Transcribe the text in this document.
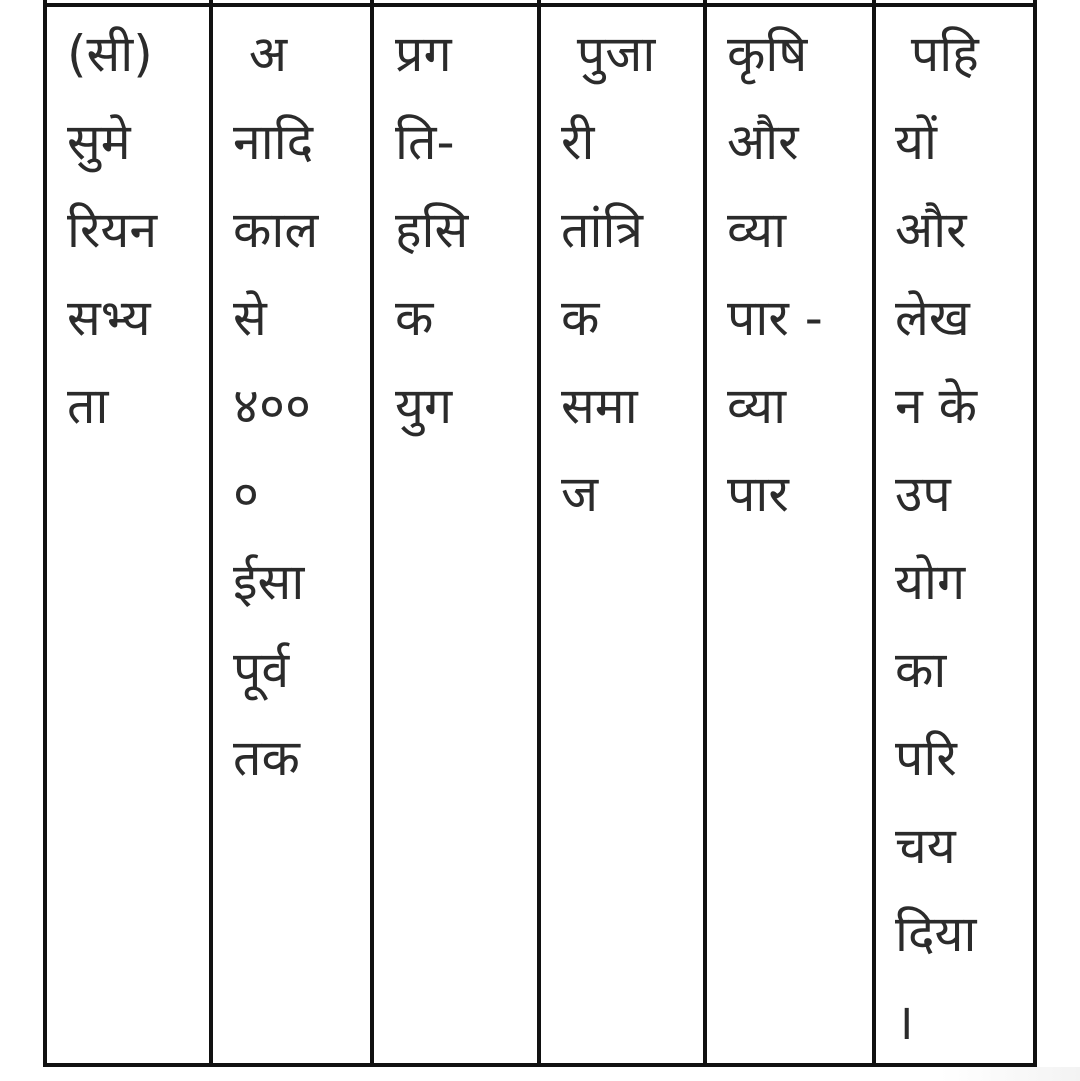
(सी)
सुमे
रियन
सभ्य
ता
अ
नादि
काल
से
४००
०
ईसा
पूर्व
तक
प्रग
ति-
हसि
क
युग
पुजा
री
तांत्रि
क
समा
ज
कृषि
और
व्या
पार -
व्या
पार
पहि
यों
और
लेख
न के
उप
योग
का
परि
चय
दिया
।
